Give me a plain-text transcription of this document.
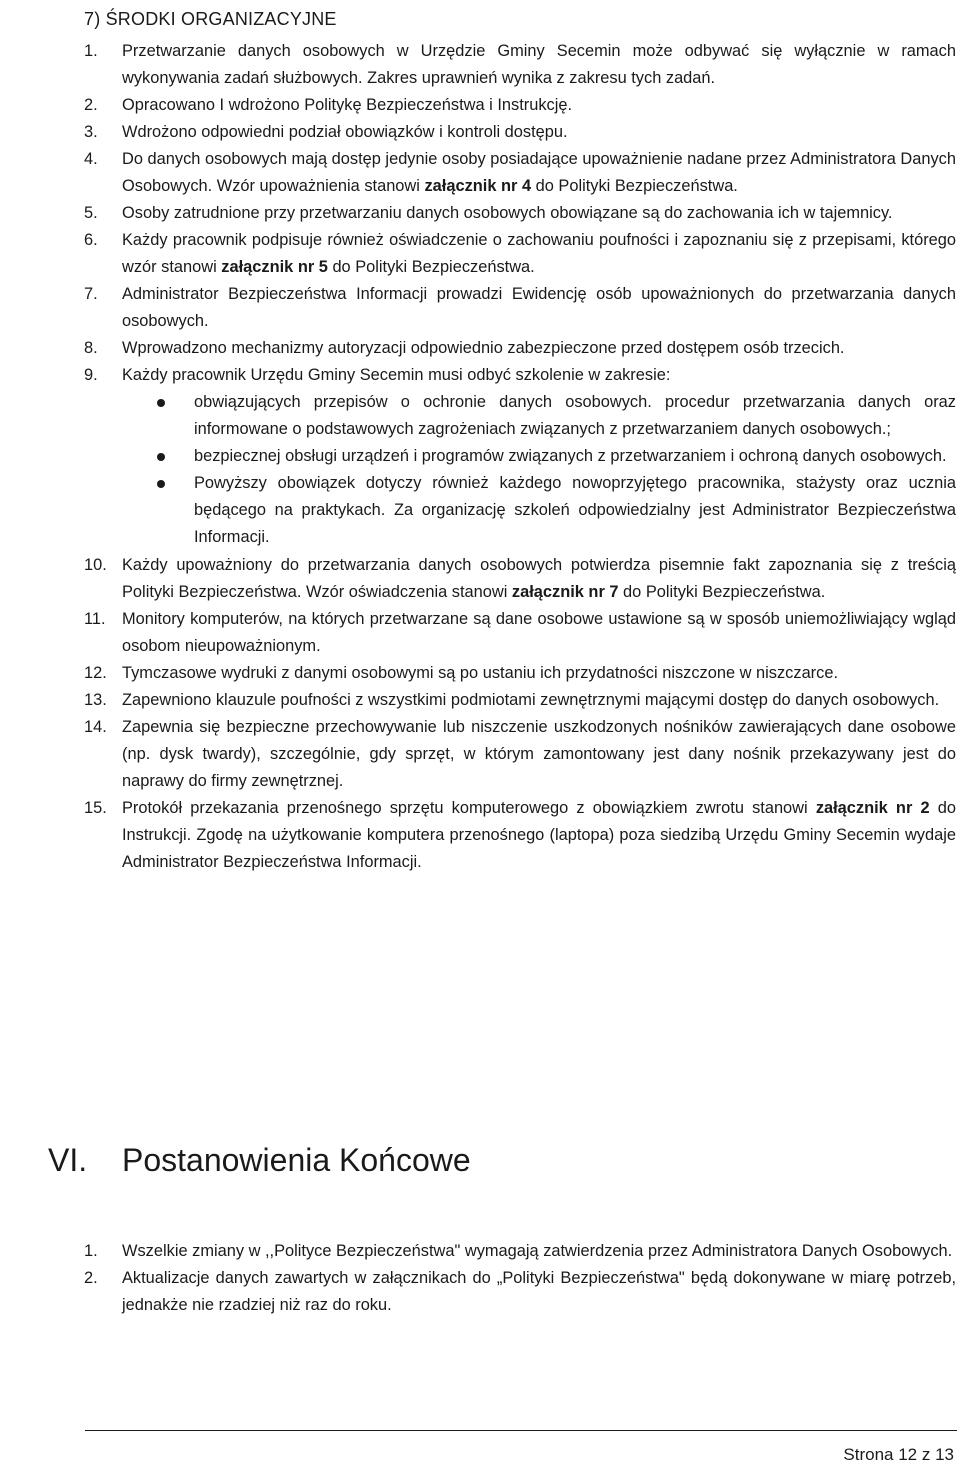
7) ŚRODKI ORGANIZACYJNE
1.	Przetwarzanie danych osobowych w Urzędzie Gminy Secemin może odbywać się wyłącznie w ramach wykonywania zadań służbowych. Zakres uprawnień wynika z zakresu tych zadań.
2.	Opracowano I wdrożono Politykę Bezpieczeństwa i Instrukcję.
3.	Wdrożono odpowiedni podział obowiązków i kontroli dostępu.
4.	Do danych osobowych mają dostęp jedynie osoby posiadające upoważnienie nadane przez Administratora Danych Osobowych. Wzór upoważnienia stanowi załącznik nr 4 do Polityki Bezpieczeństwa.
5.	Osoby zatrudnione przy przetwarzaniu danych osobowych obowiązane są do zachowania ich w tajemnicy.
6.	Każdy pracownik podpisuje również oświadczenie o zachowaniu poufności i zapoznaniu się z przepisami, którego wzór stanowi załącznik nr 5 do Polityki Bezpieczeństwa.
7.	Administrator Bezpieczeństwa Informacji prowadzi Ewidencję osób upoważnionych do przetwarzania danych osobowych.
8.	Wprowadzono mechanizmy autoryzacji odpowiednio zabezpieczone przed dostępem osób trzecich.
9.	Każdy pracownik Urzędu Gminy Secemin musi odbyć szkolenie w zakresie:
obwiązujących przepisów o ochronie danych osobowych. procedur przetwarzania danych oraz informowane o podstawowych zagrożeniach związanych z przetwarzaniem danych osobowych.;
bezpiecznej obsługi urządzeń i programów związanych z przetwarzaniem i ochroną danych osobowych.
Powyższy obowiązek dotyczy również każdego nowoprzyjętego pracownika, stażysty oraz ucznia będącego na praktykach. Za organizację szkoleń odpowiedzialny jest Administrator Bezpieczeństwa Informacji.
10. Każdy upoważniony do przetwarzania danych osobowych potwierdza pisemnie fakt zapoznania się z treścią Polityki Bezpieczeństwa. Wzór oświadczenia stanowi załącznik nr 7 do Polityki Bezpieczeństwa.
11.	Monitory komputerów, na których przetwarzane są dane osobowe ustawione są w sposób uniemożliwiający wgląd osobom nieupoważnionym.
12. Tymczasowe wydruki z danymi osobowymi są po ustaniu ich przydatności niszczone w niszczarce.
13. Zapewniono klauzule poufności z wszystkimi podmiotami zewnętrznymi mającymi dostęp do danych osobowych.
14. Zapewnia się bezpieczne przechowywanie lub niszczenie uszkodzonych nośników zawierających dane osobowe (np. dysk twardy), szczególnie, gdy sprzęt, w którym zamontowany jest dany nośnik przekazywany jest do naprawy do firmy zewnętrznej.
15. Protokół przekazania przenośnego sprzętu komputerowego z obowiązkiem zwrotu stanowi załącznik nr 2 do Instrukcji. Zgodę na użytkowanie komputera przenośnego (laptopa) poza siedzibą Urzędu Gminy Secemin wydaje Administrator Bezpieczeństwa Informacji.
VI. Postanowienia Końcowe
1.	Wszelkie zmiany w ,,Polityce Bezpieczeństwa" wymagają zatwierdzenia przez Administratora Danych Osobowych.
2.	Aktualizacje danych zawartych w załącznikach do „Polityki Bezpieczeństwa" będą dokonywane w miarę potrzeb, jednakże nie rzadziej niż raz do roku.
Strona 12 z 13
